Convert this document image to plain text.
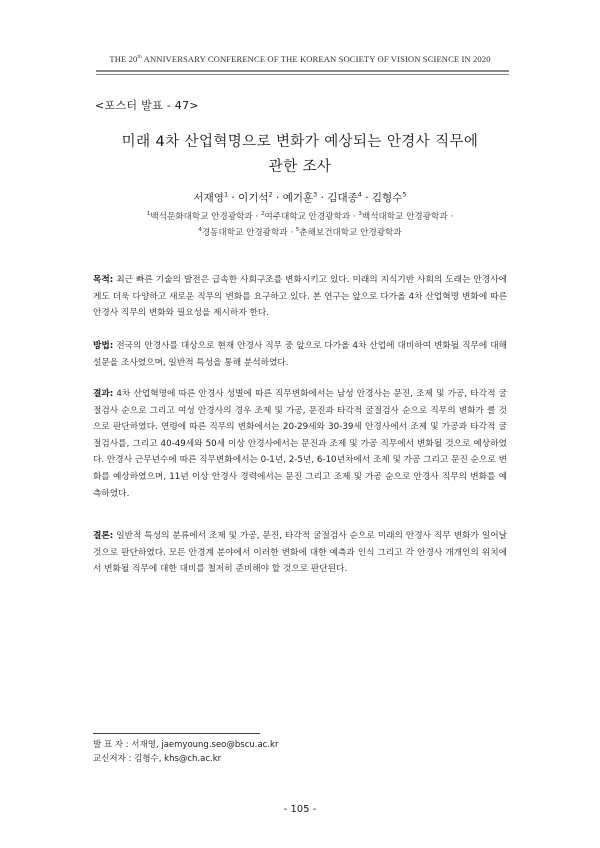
THE 20th ANNIVERSARY CONFERENCE OF THE KOREAN SOCIETY OF VISION SCIENCE IN 2020
<포스터 발표 - 47>
미래 4차 산업혁명으로 변화가 예상되는 안경사 직무에
관한 조사
서재영$^1$ · 이기석$^2$ · 예기훈$^3$ · 김대종$^4$ · 김형수$^5$
$^1$백석문화대학교 안경광학과 · $^2$여주대학교 안경광학과 · $^3$백석대학교 안경광학과 ·
$^4$경동대학교 안경광학과 · $^5$춘해보건대학교 안경광학과
목적: 최근 빠른 기술의 발전은 급속한 사회구조를 변화시키고 있다. 미래의 지식기반 사회의 도래는 안경사에게도 더욱 다양하고 새로운 직무의 변화를 요구하고 있다. 본 연구는 앞으로 다가올 4차 산업혁명 변화에 따른 안경사 직무의 변화와 필요성을 제시하자 한다.
방법: 전국의 안경사를 대상으로 현재 안경사 직무 중 앞으로 다가올 4차 산업에 대비하여 변화될 직무에 대해 설문을 조사였으며, 일반적 특성을 통해 분석하였다.
결과: 4차 산업혁명에 따른 안경사 성별에 따른 직무변화에서는 남성 안경사는 문진, 조제 및 가공, 타각적 굴절검사 순으로 그리고 여성 안경사의 경우 조제 및 가공, 문진과 타각적 굴절검사 순으로 직무의 변화가 클 것으로 판단하였다. 연령에 따른 직무의 변화에서는 20-29세와 30-39세 안경사에서 조제 및 가공과 타각적 굴절검사를, 그리고 40-49세와 50세 이상 안경사에서는 문진과 조제 및 가공 직무에서 변화될 것으로 예상하였다. 안경사 근무년수에 따른 직무변화에서는 0-1년, 2-5년, 6-10년차에서 조제 및 가공 그리고 문진 순으로 변화를 예상하였으며, 11년 이상 안경사 경력에서는 문진 그리고 조제 및 가공 순으로 안경사 직무의 변화를 예측하였다.
결론: 일반적 특성의 분류에서 조제 및 가공, 문진, 타각적 굴절검사 순으로 미래의 안경사 직무 변화가 일어날 것으로 판단하였다. 모든 안경계 분야에서 이러한 변화에 대한 예측과 인식 그리고 각 안경사 개개인의 위치에서 변화될 직무에 대한 대비를 철저히 준비해야 할 것으로 판단된다.
발 표 자 : 서재영, jaemyoung.seo@bscu.ac.kr
교신저자 : 김형수, khs@ch.ac.kr
- 105 -
